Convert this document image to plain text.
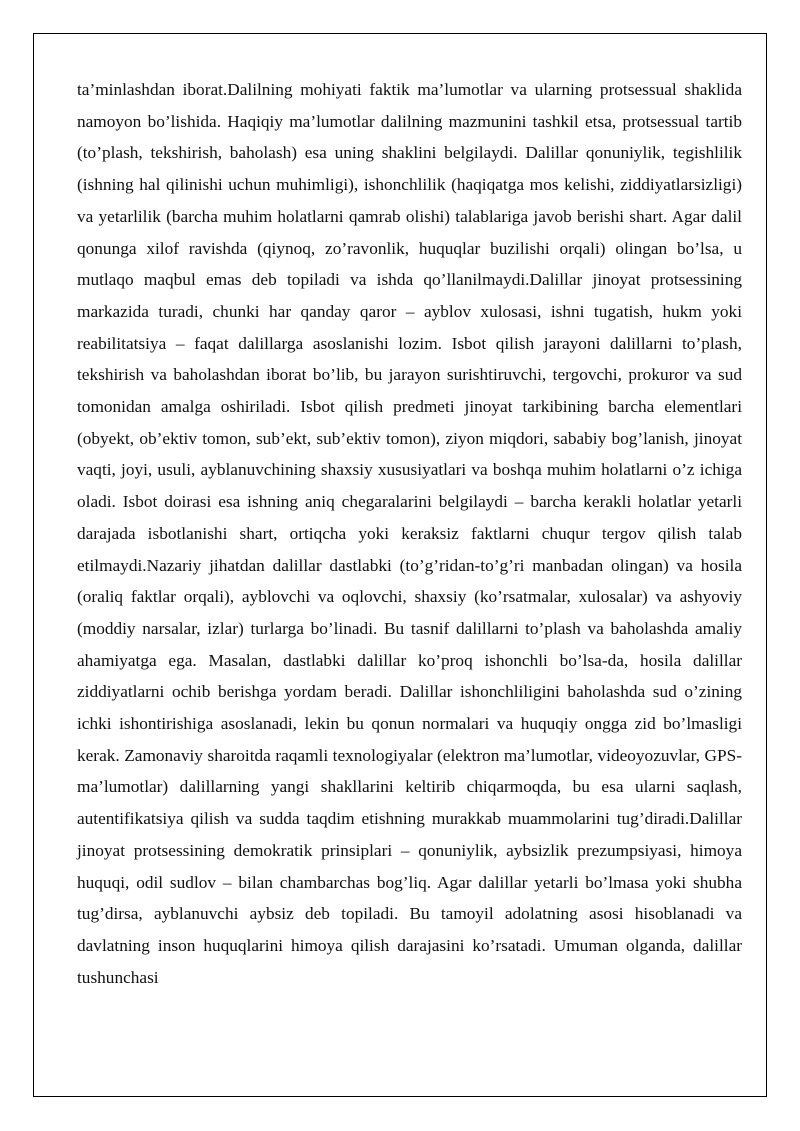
ta’minlashdan iborat.Dalilning mohiyati faktik ma’lumotlar va ularning protsessual shaklida namoyon bo’lishida. Haqiqiy ma’lumotlar dalilning mazmunini tashkil etsa, protsessual tartib (to’plash, tekshirish, baholash) esa uning shaklini belgilaydi. Dalillar qonuniylik, tegishlilik (ishning hal qilinishi uchun muhimligi), ishonchlilik (haqiqatga mos kelishi, ziddiyatlarsizligi) va yetarlilik (barcha muhim holatlarni qamrab olishi) talablariga javob berishi shart. Agar dalil qonunga xilof ravishda (qiynoq, zo’ravonlik, huquqlar buzilishi orqali) olingan bo’lsa, u mutlaqo maqbul emas deb topiladi va ishda qo’llanilmaydi.Dalillar jinoyat protsessining markazida turadi, chunki har qanday qaror – ayblov xulosasi, ishni tugatish, hukm yoki reabilitatsiya – faqat dalillarga asoslanishi lozim. Isbot qilish jarayoni dalillarni to’plash, tekshirish va baholashdan iborat bo’lib, bu jarayon surishtiruvchi, tergovchi, prokuror va sud tomonidan amalga oshiriladi. Isbot qilish predmeti jinoyat tarkibining barcha elementlari (obyekt, ob’ektiv tomon, sub’ekt, sub’ektiv tomon), ziyon miqdori, sababiy bog’lanish, jinoyat vaqti, joyi, usuli, ayblanuvchining shaxsiy xususiyatlari va boshqa muhim holatlarni o’z ichiga oladi. Isbot doirasi esa ishning aniq chegaralarini belgilaydi – barcha kerakli holatlar yetarli darajada isbotlanishi shart, ortiqcha yoki keraksiz faktlarni chuqur tergov qilish talab etilmaydi.Nazariy jihatdan dalillar dastlabki (to’g’ridan-to’g’ri manbadan olingan) va hosila (oraliq faktlar orqali), ayblovchi va oqlovchi, shaxsiy (ko’rsatmalar, xulosalar) va ashyoviy (moddiy narsalar, izlar) turlarga bo’linadi. Bu tasnif dalillarni to’plash va baholashda amaliy ahamiyatga ega. Masalan, dastlabki dalillar ko’proq ishonchli bo’lsa-da, hosila dalillar ziddiyatlarni ochib berishga yordam beradi. Dalillar ishonchliligini baholashda sud o’zining ichki ishontirishiga asoslanadi, lekin bu qonun normalari va huquqiy ongga zid bo’lmasligi kerak. Zamonaviy sharoitda raqamli texnologiyalar (elektron ma’lumotlar, videoyozuvlar, GPS-ma’lumotlar) dalillarning yangi shakllarini keltirib chiqarmoqda, bu esa ularni saqlash, autentifikatsiya qilish va sudda taqdim etishning murakkab muammolarini tug’diradi.Dalillar jinoyat protsessining demokratik prinsiplari – qonuniylik, aybsizlik prezumpsiyasi, himoya huquqi, odil sudlov – bilan chambarchas bog’liq. Agar dalillar yetarli bo’lmasa yoki shubha tug’dirsa, ayblanuvchi aybsiz deb topiladi. Bu tamoyil adolatning asosi hisoblanadi va davlatning inson huquqlarini himoya qilish darajasini ko’rsatadi. Umuman olganda, dalillar tushunchasi
